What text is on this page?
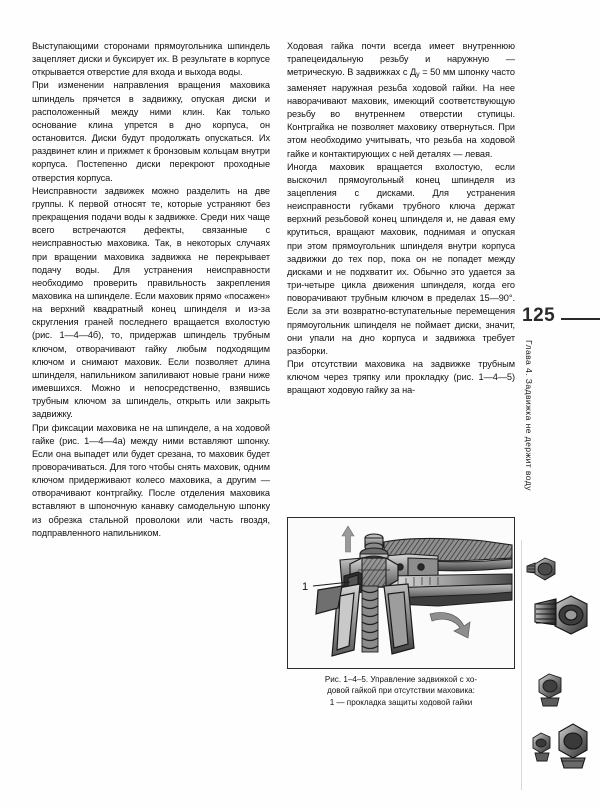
Выступающими сторонами прямоугольника шпиндель зацепляет диски и буксирует их. В результате в корпусе открывается отверстие для входа и выхода воды.

При изменении направления вращения маховика шпиндель прячется в задвижку, опуская диски и расположенный между ними клин. Как только основание клина упрется в дно корпуса, он остановится. Диски будут продолжать опускаться. Их раздвинет клин и прижмет к бронзовым кольцам внутри корпуса. Постепенно диски перекроют проходные отверстия корпуса.

Неисправности задвижек можно разделить на две группы. К первой относят те, которые устраняют без прекращения подачи воды к задвижке. Среди них чаще всего встречаются дефекты, связанные с неисправностью маховика. Так, в некоторых случаях при вращении маховика задвижка не перекрывает подачу воды. Для устранения неисправности необходимо проверить правильность закрепления маховика на шпинделе. Если маховик прямо «посажен» на верхний квадратный конец шпинделя и из-за скругления граней последнего вращается вхолостую (рис. 1—4—4б), то, придержав шпиндель трубным ключом, отворачивают гайку любым подходящим ключом и снимают маховик. Если позволяет длина шпинделя, напильником запиливают новые грани ниже имевшихся. Можно и непосредственно, взявшись трубным ключом за шпиндель, открыть или закрыть задвижку.

При фиксации маховика не на шпинделе, а на ходовой гайке (рис. 1—4—4а) между ними вставляют шпонку. Если она выпадет или будет срезана, то маховик будет проворачиваться. Для того чтобы снять маховик, одним ключом придерживают колесо маховика, а другим — отворачивают контргайку. После отделения маховика вставляют в шпоночную канавку самодельную шпонку из обрезка стальной проволоки или часть гвоздя, подправленного напильником.

Ходовая гайка почти всегда имеет внутреннюю трапецеидальную резьбу и наружную — метрическую. В задвижках с Ду = 50 мм шпонку часто заменяет наружная резьба ходовой гайки. На нее наворачивают маховик, имеющий соответствующую резьбу во внутреннем отверстии ступицы. Контргайка не позволяет маховику отвернуться. При этом необходимо учитывать, что резьба на ходовой гайке и контактирующих с ней деталях — левая.

Иногда маховик вращается вхолостую, если выскочил прямоугольный конец шпинделя из зацепления с дисками. Для устранения неисправности губками трубного ключа держат верхний резьбовой конец шпинделя и, не давая ему крутиться, вращают маховик, поднимая и опуская при этом прямоугольник шпинделя внутри корпуса задвижки до тех пор, пока он не попадет между дисками и не подхватит их. Обычно это удается за три-четыре цикла движения шпинделя, когда его поворачивают трубным ключом в пределах 15—90°. Если за эти возвратно-вступательные перемещения прямоугольник шпинделя не поймает диски, значит, они упали на дно корпуса и задвижка требует разборки.

При отсутствии маховика на задвижке трубным ключом через тряпку или прокладку (рис. 1—4—5) вращают ходовую гайку за на-

125
Глава 4. Задвижка не держит воду
1
Рис. 1–4–5. Управление задвижкой с хо-
довой гайкой при отсутствии маховика:
1 — прокладка защиты ходовой гайки
